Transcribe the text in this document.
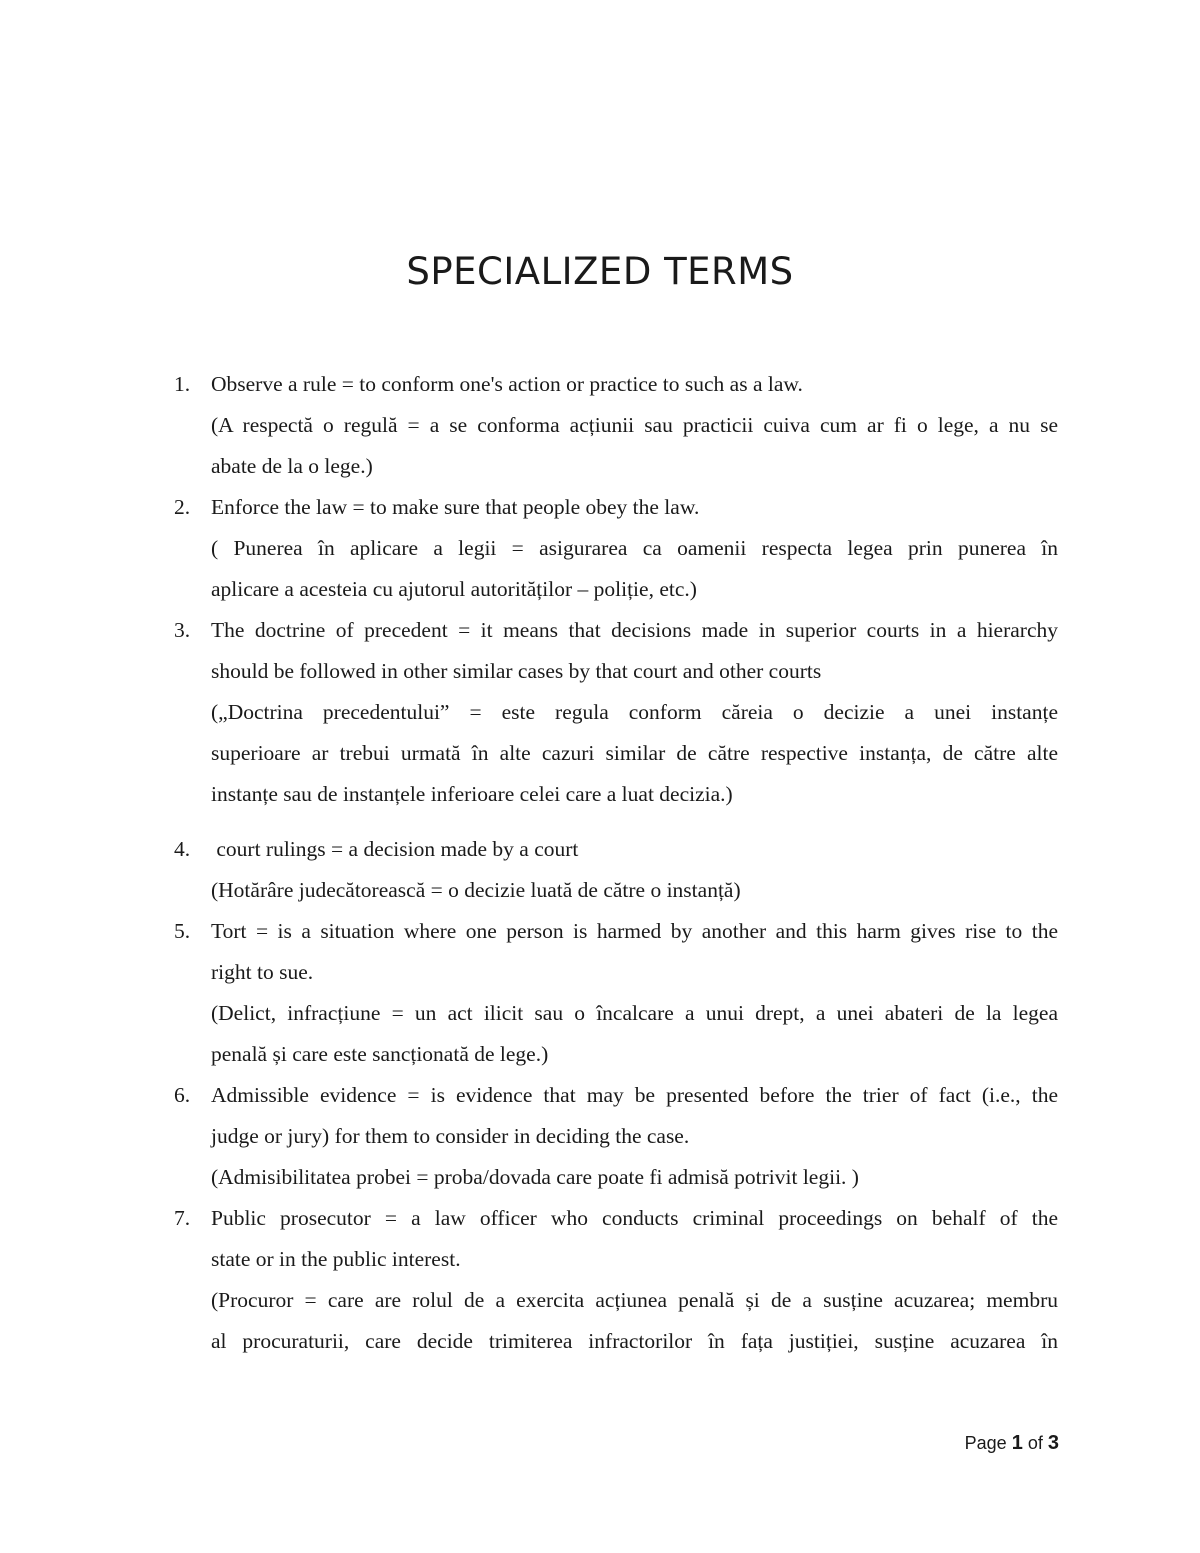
SPECIALIZED TERMS
1. Observe a rule = to conform one's action or practice to such as a law.
(A respectă o regulă = a se conforma acțiunii sau practicii cuiva cum ar fi o lege, a nu se
abate de la o lege.)
2. Enforce the law = to make sure that people obey the law.
( Punerea în aplicare a legii = asigurarea ca oamenii respecta legea prin punerea în
aplicare a acesteia cu ajutorul autorităților – poliție, etc.)
3. The doctrine of precedent = it means that decisions made in superior courts in a hierarchy
should be followed in other similar cases by that court and other courts
(„Doctrina precedentului” = este regula conform căreia o decizie a unei instanțe
superioare ar trebui urmată în alte cazuri similar de către respective instanța, de către alte
instanțe sau de instanțele inferioare celei care a luat decizia.)
4. court rulings = a decision made by a court
(Hotărâre judecătorească = o decizie luată de către o instanță)
5. Tort = is a situation where one person is harmed by another and this harm gives rise to the
right to sue.
(Delict, infracțiune = un act ilicit sau o încalcare a unui drept, a unei abateri de la legea
penală și care este sancționată de lege.)
6. Admissible evidence = is evidence that may be presented before the trier of fact (i.e., the
judge or jury) for them to consider in deciding the case.
(Admisibilitatea probei = proba/dovada care poate fi admisă potrivit legii. )
7. Public prosecutor = a law officer who conducts criminal proceedings on behalf of the
state or in the public interest.
(Procuror = care are rolul de a exercita acțiunea penală și de a susține acuzarea; membru
al procuraturii, care decide trimiterea infractorilor în fața justiției, susține acuzarea în
Page 1 of 3
